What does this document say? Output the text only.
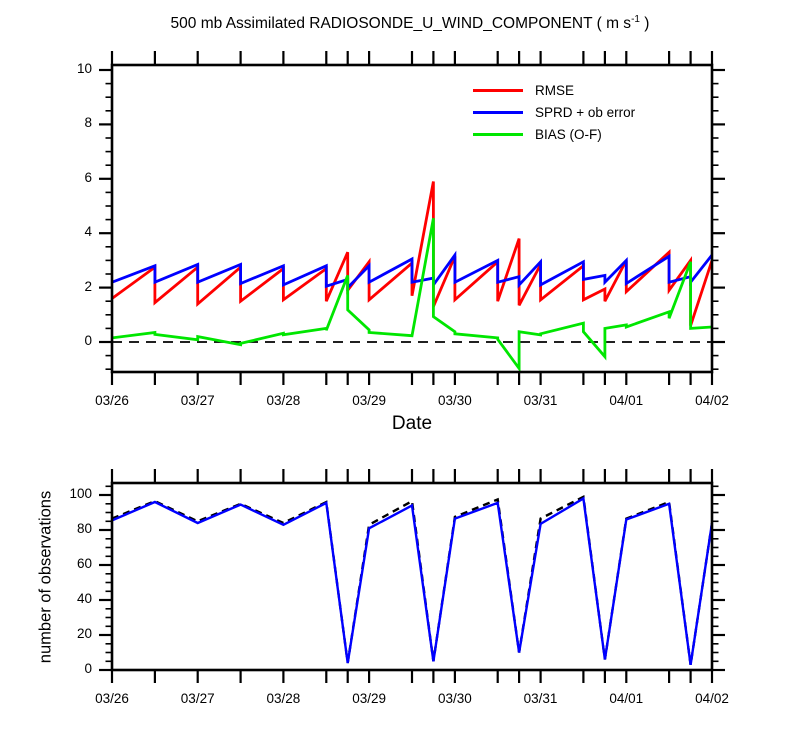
500 mb Assimilated RADIOSONDE_U_WIND_COMPONENT ( m $s^{-1}$ )
RMSE
SPRD + ob error
BIAS (O-F)
Date
number of observations
0
2
4
6
8
10
03/26	03/27	03/28	03/29	03/30	03/31	04/01	04/02
0
20
40
60
80
100
03/26	03/27	03/28	03/29	03/30	03/31	04/01	04/02
